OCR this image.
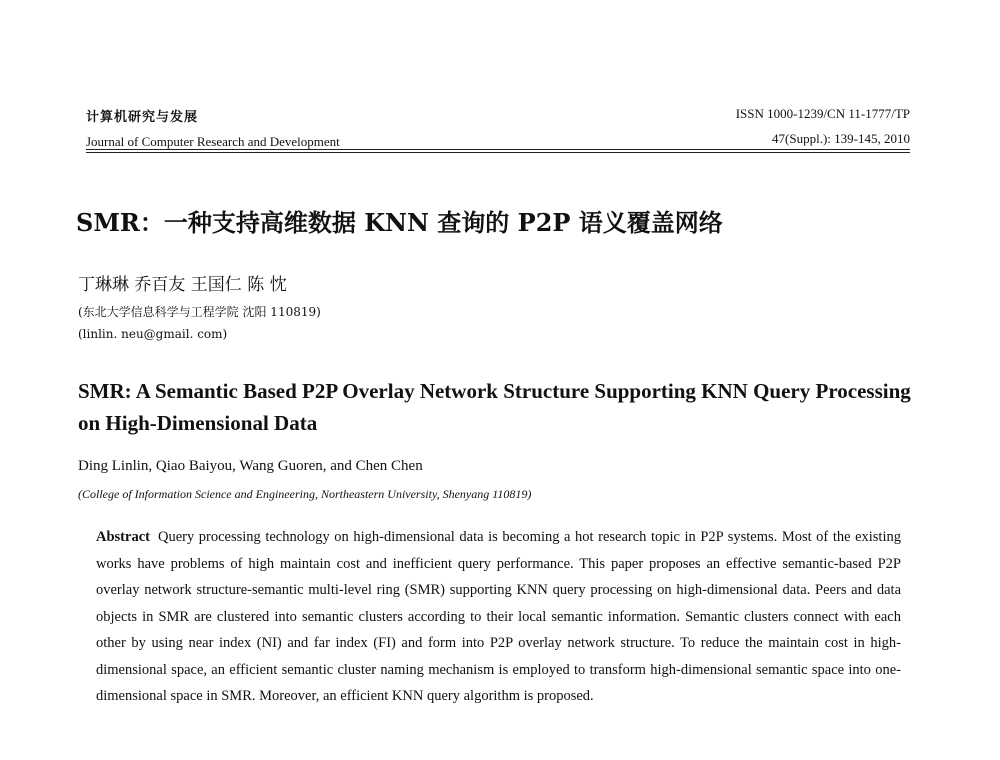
计算机研究与发展
Journal of Computer Research and Development
ISSN 1000-1239/CN 11-1777/TP
47(Suppl.): 139-145, 2010
SMR：一种支持高维数据 KNN 查询的 P2P 语义覆盖网络
丁琳琳 乔百友 王国仁 陈 忱
(东北大学信息科学与工程学院 沈阳 110819)
(linlin. neu@gmail. com)
SMR: A Semantic Based P2P Overlay Network Structure Supporting KNN Query Processing on High-Dimensional Data
Ding Linlin, Qiao Baiyou, Wang Guoren, and Chen Chen
(College of Information Science and Engineering, Northeastern University, Shenyang 110819)
Abstract Query processing technology on high-dimensional data is becoming a hot research topic in P2P systems. Most of the existing works have problems of high maintain cost and inefficient query performance. This paper proposes an effective semantic-based P2P overlay network structure-semantic multi-level ring (SMR) supporting KNN query processing on high-dimensional data. Peers and data objects in SMR are clustered into semantic clusters according to their local semantic information. Semantic clusters connect with each other by using near index (NI) and far index (FI) and form into P2P overlay network structure. To reduce the maintain cost in high-dimensional space, an efficient semantic cluster naming mechanism is employed to transform high-dimensional semantic space into one-dimensional space in SMR. Moreover, an efficient KNN query algorithm is proposed.
